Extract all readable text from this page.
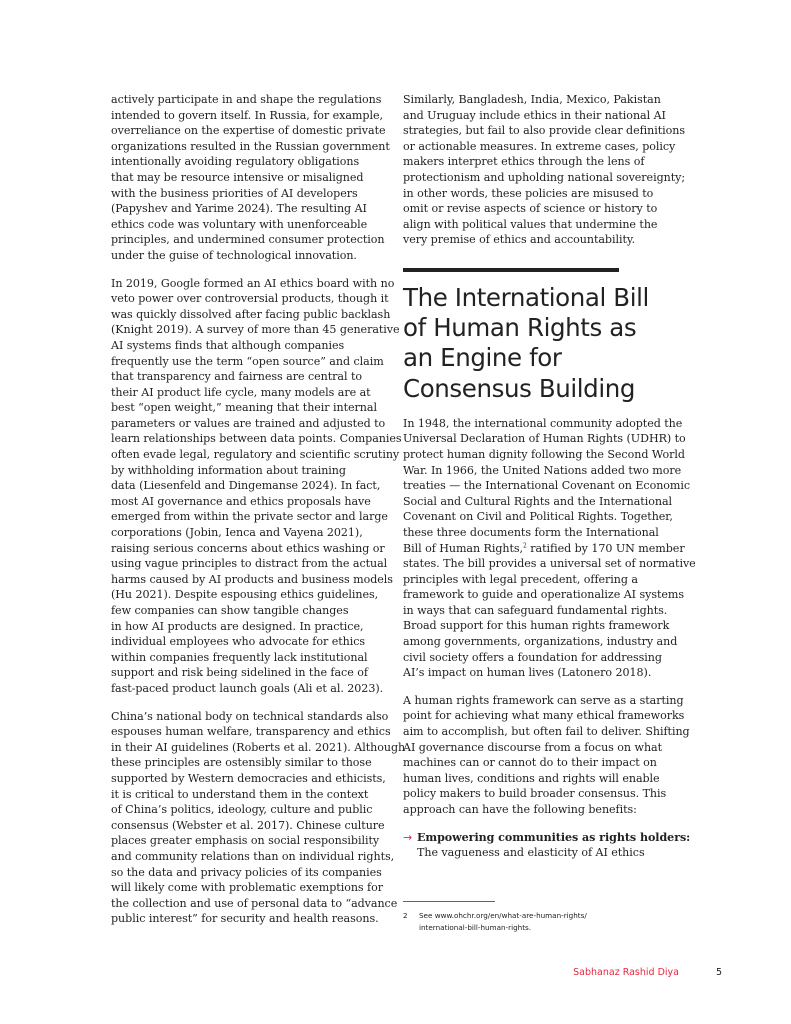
actively participate in and shape the regulations
intended to govern itself. In Russia, for example,
overreliance on the expertise of domestic private
organizations resulted in the Russian government
intentionally avoiding regulatory obligations
that may be resource intensive or misaligned
with the business priorities of AI developers
(Papyshev and Yarime 2024). The resulting AI
ethics code was voluntary with unenforceable
principles, and undermined consumer protection
under the guise of technological innovation.

In 2019, Google formed an AI ethics board with no
veto power over controversial products, though it
was quickly dissolved after facing public backlash
(Knight 2019). A survey of more than 45 generative
AI systems finds that although companies
frequently use the term “open source” and claim
that transparency and fairness are central to
their AI product life cycle, many models are at
best “open weight,” meaning that their internal
parameters or values are trained and adjusted to
learn relationships between data points. Companies
often evade legal, regulatory and scientific scrutiny
by withholding information about training
data (Liesenfeld and Dingemanse 2024). In fact,
most AI governance and ethics proposals have
emerged from within the private sector and large
corporations (Jobin, Ienca and Vayena 2021),
raising serious concerns about ethics washing or
using vague principles to distract from the actual
harms caused by AI products and business models
(Hu 2021). Despite espousing ethics guidelines,
few companies can show tangible changes
in how AI products are designed. In practice,
individual employees who advocate for ethics
within companies frequently lack institutional
support and risk being sidelined in the face of
fast-paced product launch goals (Ali et al. 2023).

China’s national body on technical standards also
espouses human welfare, transparency and ethics
in their AI guidelines (Roberts et al. 2021). Although
these principles are ostensibly similar to those
supported by Western democracies and ethicists,
it is critical to understand them in the context
of China’s politics, ideology, culture and public
consensus (Webster et al. 2017). Chinese culture
places greater emphasis on social responsibility
and community relations than on individual rights,
so the data and privacy policies of its companies
will likely come with problematic exemptions for
the collection and use of personal data to “advance
public interest” for security and health reasons.

Similarly, Bangladesh, India, Mexico, Pakistan
and Uruguay include ethics in their national AI
strategies, but fail to also provide clear definitions
or actionable measures. In extreme cases, policy
makers interpret ethics through the lens of
protectionism and upholding national sovereignty;
in other words, these policies are misused to
omit or revise aspects of science or history to
align with political values that undermine the
very premise of ethics and accountability.

The International Bill
of Human Rights as
an Engine for
Consensus Building

In 1948, the international community adopted the
Universal Declaration of Human Rights (UDHR) to
protect human dignity following the Second World
War. In 1966, the United Nations added two more
treaties — the International Covenant on Economic
Social and Cultural Rights and the International
Covenant on Civil and Political Rights. Together,
these three documents form the International
Bill of Human Rights,$^2$ ratified by 170 UN member
states. The bill provides a universal set of normative
principles with legal precedent, offering a
framework to guide and operationalize AI systems
in ways that can safeguard fundamental rights.
Broad support for this human rights framework
among governments, organizations, industry and
civil society offers a foundation for addressing
AI’s impact on human lives (Latonero 2018).

A human rights framework can serve as a starting
point for achieving what many ethical frameworks
aim to accomplish, but often fail to deliver. Shifting
AI governance discourse from a focus on what
machines can or cannot do to their impact on
human lives, conditions and rights will enable
policy makers to build broader consensus. This
approach can have the following benefits:

→ Empowering communities as rights holders:
The vagueness and elasticity of AI ethics
2 See www.ohchr.org/en/what-are-human-rights/
international-bill-human-rights.
Sabhanaz Rashid Diya	5
